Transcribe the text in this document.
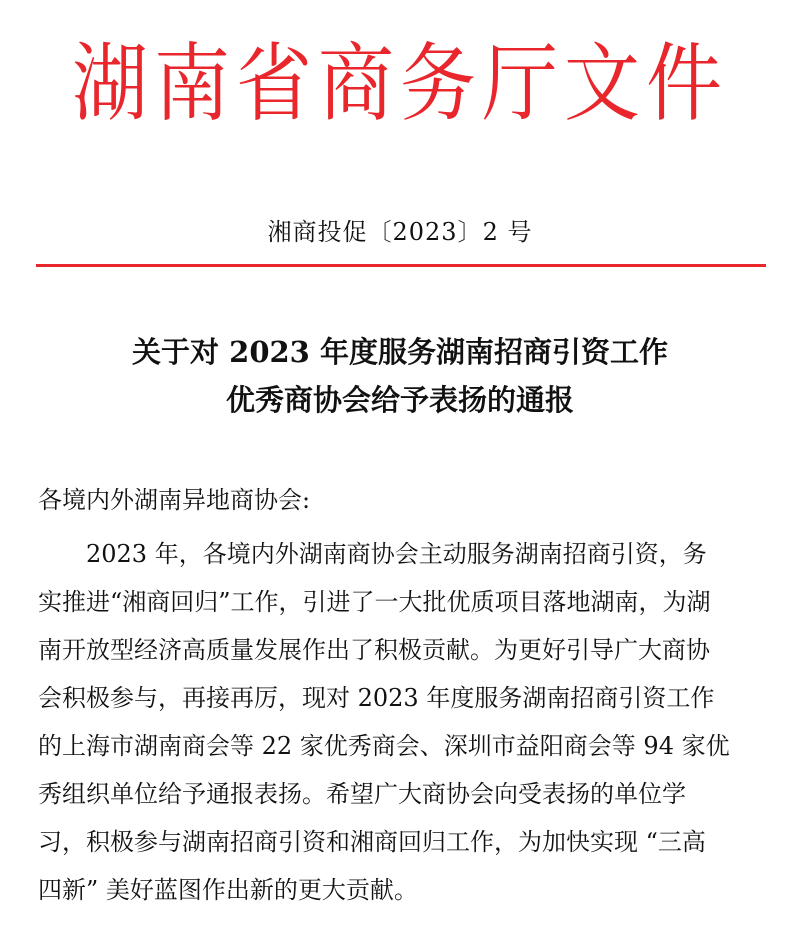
湖南省商务厅文件
湘商投促〔2023〕2 号
关于对 2023 年度服务湖南招商引资工作
优秀商协会给予表扬的通报
各境内外湖南异地商协会:
2023 年，各境内外湖南商协会主动服务湖南招商引资，务
实推进“湘商回归”工作，引进了一大批优质项目落地湖南，为湖
南开放型经济高质量发展作出了积极贡献。为更好引导广大商协
会积极参与，再接再厉，现对 2023 年度服务湖南招商引资工作
的上海市湖南商会等 22 家优秀商会、深圳市益阳商会等 94 家优
秀组织单位给予通报表扬。希望广大商协会向受表扬的单位学
习，积极参与湖南招商引资和湘商回归工作，为加快实现 “三高
四新” 美好蓝图作出新的更大贡献。
